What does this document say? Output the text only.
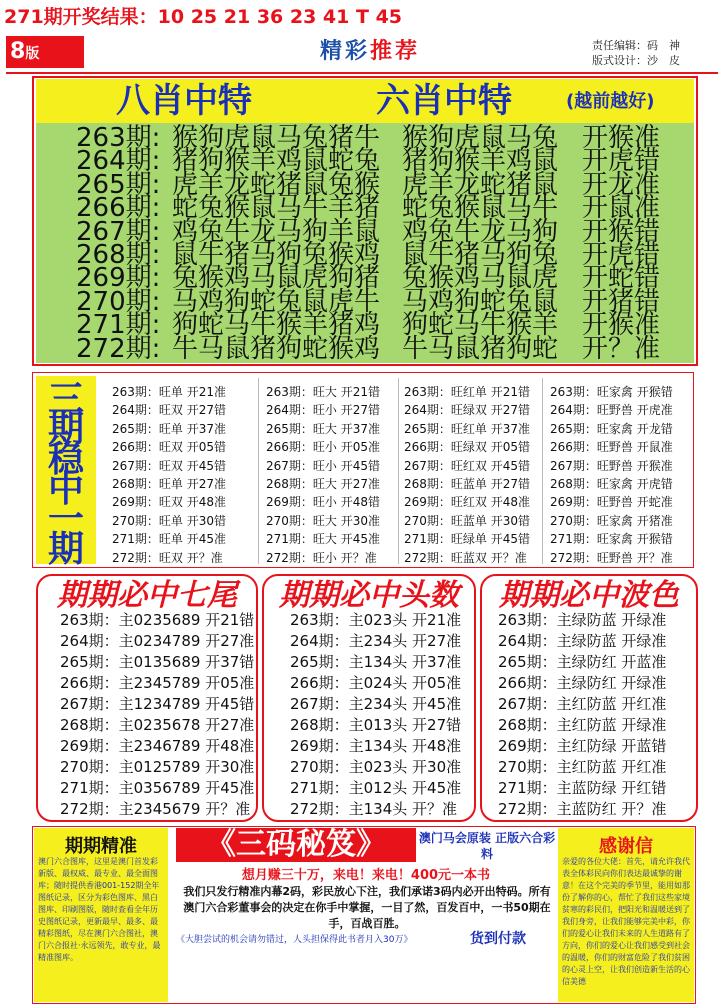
271期开奖结果：10 25 21 36 23 41 T 45
8版	精彩推荐	责任编辑：码　神
版式设计：沙　皮
八肖中特	六肖中特	(越前越好)
263期: 猴狗虎鼠马兔猪牛 猴狗虎鼠马兔 开猴准
264期: 猪狗猴羊鸡鼠蛇兔 猪狗猴羊鸡鼠 开虎错
265期: 虎羊龙蛇猪鼠兔猴 虎羊龙蛇猪鼠 开龙准
266期: 蛇兔猴鼠马牛羊猪 蛇兔猴鼠马牛 开鼠准
267期: 鸡兔牛龙马狗羊鼠 鸡兔牛龙马狗 开猴错
268期: 鼠牛猪马狗兔猴鸡 鼠牛猪马狗兔 开虎错
269期: 兔猴鸡马鼠虎狗猪 兔猴鸡马鼠虎 开蛇错
270期: 马鸡狗蛇兔鼠虎牛 马鸡狗蛇兔鼠 开猪错
271期: 狗蛇马牛猴羊猪鸡 狗蛇马牛猴羊 开猴准
272期: 牛马鼠猪狗蛇猴鸡 牛马鼠猪狗蛇 开？准
三
期
稳
中
一
期
期期必中七尾	期期必中头数	期期必中波色
263期：主0235689 开21错
264期：主0234789 开27准
265期：主0135689 开37错
266期：主2345789 开05准
267期：主1234789 开45错
268期：主0235678 开27准
269期：主2346789 开48准
270期：主0125789 开30准
271期：主0356789 开45准
272期：主2345679 开？准
263期：主023头 开21准
264期：主234头 开27准
265期：主134头 开37准
266期：主024头 开05准
267期：主234头 开45准
268期：主013头 开27错
269期：主134头 开48准
270期：主023头 开30准
271期：主012头 开45准
272期：主134头 开？准
263期：主绿防蓝 开绿准
264期：主绿防蓝 开绿准
265期：主绿防红 开蓝准
266期：主绿防红 开绿准
267期：主红防蓝 开红准
268期：主红防蓝 开绿准
269期：主红防绿 开蓝错
270期：主红防蓝 开红准
271期：主蓝防绿 开红错
272期：主蓝防红 开？准
期期精准
澳门六合图库，这里是澳门首发彩新版、最权威、最专业、最全面图库；随时提供香港001-152期全年图纸记录，区分为彩色图库、黑白图库、印刷图版，随时查看全年历史图纸记录，更新最早、最多、最精彩图纸，尽在澳门六合图社，澳门六合报社·永远领先，敢专业，最精准图库。
《三码秘笈》	澳门马会原装 正版六合彩料
想月赚三十万，来电！来电！400元一本书
我们只发行精准内幕2码，彩民放心下注，我们承诺3码内必开出特码。所有澳门六合彩董事会的决定在你手中掌握，一目了然，百发百中，一书50期在手，百战百胜。
《大胆尝试的机会请勿错过，人头担保得此书者月入30万》	货到付款
感谢信
亲爱的各位大佬：首先，请允许我代表全体彩民向你们表达最诚挚的谢意！在这个完美的季节里，能用如那份了解你的心，帮忙了我们这些家境贫寒的彩民们，把阳光和温暖送到了我们身旁，让我们能够完美中彩，你们的爱心让我们未来的人生道路有了方向，你们的爱心让我们感受到社会的温暖，你们的财富危险了我们贫困的心灵上空，让我们创造新生活的心信美德
263期：旺单 开21准
264期：旺双 开27错
265期：旺单 开37准
266期：旺双 开05错
267期：旺双 开45错
268期：旺单 开27准
269期：旺双 开48准
270期：旺单 开30错
271期：旺单 开45准
272期：旺双 开？准
263期：旺大 开21错
264期：旺小 开27错
265期：旺大 开37准
266期：旺小 开05准
267期：旺小 开45错
268期：旺大 开27准
269期：旺小 开48错
270期：旺大 开30准
271期：旺大 开45准
272期：旺小 开？准
263期：旺红单 开21错
264期：旺绿双 开27错
265期：旺红单 开37准
266期：旺绿双 开05错
267期：旺红双 开45错
268期：旺蓝单 开27错
269期：旺红双 开48准
270期：旺蓝单 开30错
271期：旺绿单 开45错
272期：旺蓝双 开？准
263期：旺家禽 开猴错
264期：旺野兽 开虎准
265期：旺家禽 开龙错
266期：旺野兽 开鼠准
267期：旺野兽 开猴准
268期：旺家禽 开虎错
269期：旺野兽 开蛇准
270期：旺家禽 开猪准
271期：旺家禽 开猴错
272期：旺野兽 开？准
